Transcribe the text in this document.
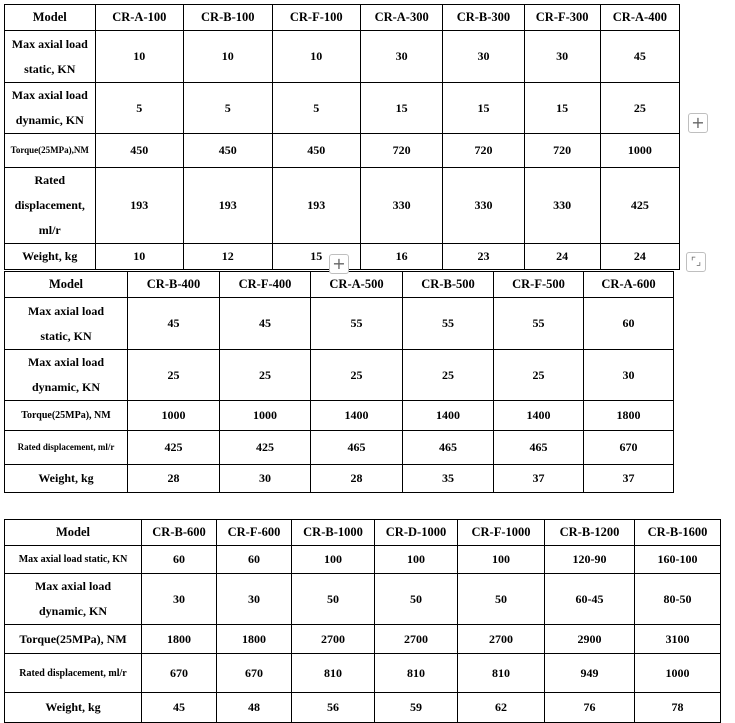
Model	CR-A-100	CR-B-100	CR-F-100	CR-A-300	CR-B-300	CR-F-300	CR-A-400

Max axial load
static, KN	10	10	10	30	30	30	45

Max axial load
dynamic, KN	5	5	5	15	15	15	25

Torque(25MPa),NM	450	450	450	720	720	720	1000

Rated
displacement, ml/r	193	193	193	330	330	330	425

Weight, kg	10	12	15	16	23	24	24
Model	CR-B-400	CR-F-400	CR-A-500	CR-B-500	CR-F-500	CR-A-600

Max axial load
static, KN	45	45	55	55	55	60

Max axial load
dynamic, KN	25	25	25	25	25	30

Torque(25MPa), NM	1000	1000	1400	1400	1400	1800

Rated displacement, ml/r	425	425	465	465	465	670

Weight, kg	28	30	28	35	37	37
Model	CR-B-600	CR-F-600	CR-B-1000	CR-D-1000	CR-F-1000	CR-B-1200	CR-B-1600

Max axial load static, KN	60	60	100	100	100	120-90	160-100

Max axial load
dynamic, KN	30	30	50	50	50	60-45	80-50

Torque(25MPa), NM	1800	1800	2700	2700	2700	2900	3100

Rated displacement, ml/r	670	670	810	810	810	949	1000

Weight, kg	45	48	56	59	62	76	78
+
+	⌜⌟
